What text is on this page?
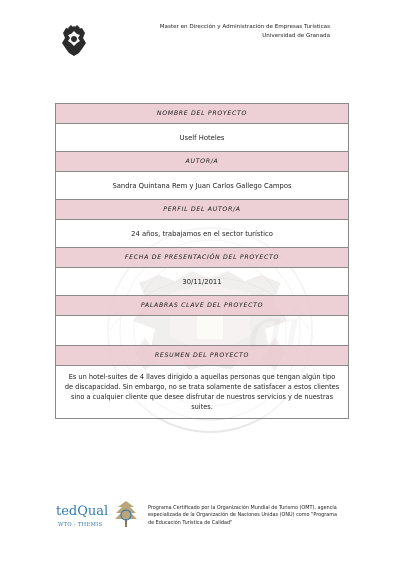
Master en Dirección y Administración de Empresas Turísticas
Universidad de Granada
NOMBRE DEL PROYECTO
Uself Hoteles
AUTOR/A
Sandra Quintana Rem y Juan Carlos Gallego Campos
PERFIL DEL AUTOR/A
24 años, trabajamos en el sector turístico
FECHA DE PRESENTACIÓN DEL PROYECTO
30/11/2011
PALABRAS CLAVE DEL PROYECTO
RESUMEN DEL PROYECTO
Es un hotel-suites de 4 llaves dirigido a aquellas personas que tengan algún tipo de discapacidad. Sin embargo, no se trata solamente de satisfacer a estos clientes sino a cualquier cliente que desee disfrutar de nuestros servicios y de nuestras suites.
tedQual
WTO - THEMIS
Programa Certificado por la Organización Mundial de Turismo (OMT), agencia especializada de la Organización de Naciones Unidas (ONU) como "Programa de Educación Turística de Calidad"
